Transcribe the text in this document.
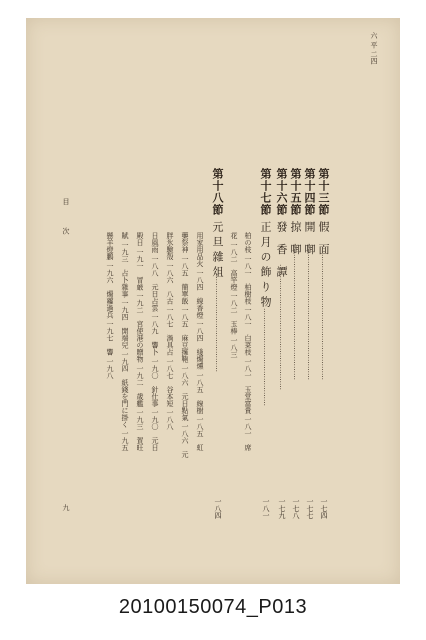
六 平 二四
第十三節
假 面
………………………………………………
一七四
第十四節
開 啣
………………………………………………
一七七
第十五節
掠 啣
………………………………………………
一七八
第十六節
發 香 譚
………………………………………………
一七九
第十七節
正月の飾り物
……………………………………
一八一
柏の枝 一八一　柏樹枝 一八一　白菜枝 一八一　玉堂富貴 一八一　席
花 一八二　高竿燈 一八二　玉棒 一八三
第十八節
元旦雜俎
……………………………………
一八四
用家用品火 一八四　線香燈 一八四　綫燭燻 一八五　線樹 一八五　虹
藥祭神 一八五　簡單飯 一八五　麻豆擁鞄 一八六　元日點氣 一八六　元
胖氷驗殼 一八六　八古 一八七　渦具占 一八七　谷本短 一八八
日風雨 一八八　元日占雲 一八九　響卜 一九〇　針仕事 一九〇　元日
殿日 一九一　冒厳 一九二　宮使港の贈物 一九二　歳艦 一九三　賀旺
賦 一九三　占卜雜事 一九四　開端兒 一九四　紙錢を門に掛く 一九五
懸羊燈鵬 一九六　燭蘿過兵 一九七　響 一九八
目 次
九
20100150074_P013
